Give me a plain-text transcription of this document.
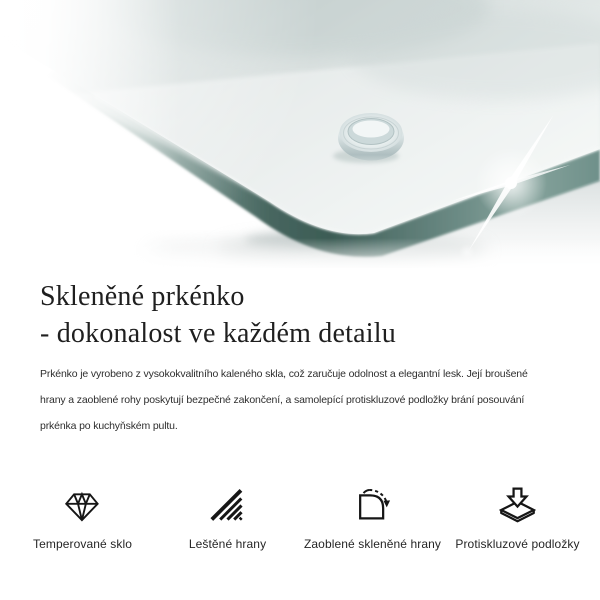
Skleněné prkénko
- dokonalost ve každém detailu
Prkénko je vyrobeno z vysokokvalitního kaleného skla, což zaručuje odolnost a elegantní lesk. Její broušené
hrany a zaoblené rohy poskytují bezpečné zakončení, a samolepící protiskluzové podložky brání posouvání
prkénka po kuchyňském pultu.
Temperované sklo	Leštěné hrany	Zaoblené skleněné hrany Protiskluzové podložky
